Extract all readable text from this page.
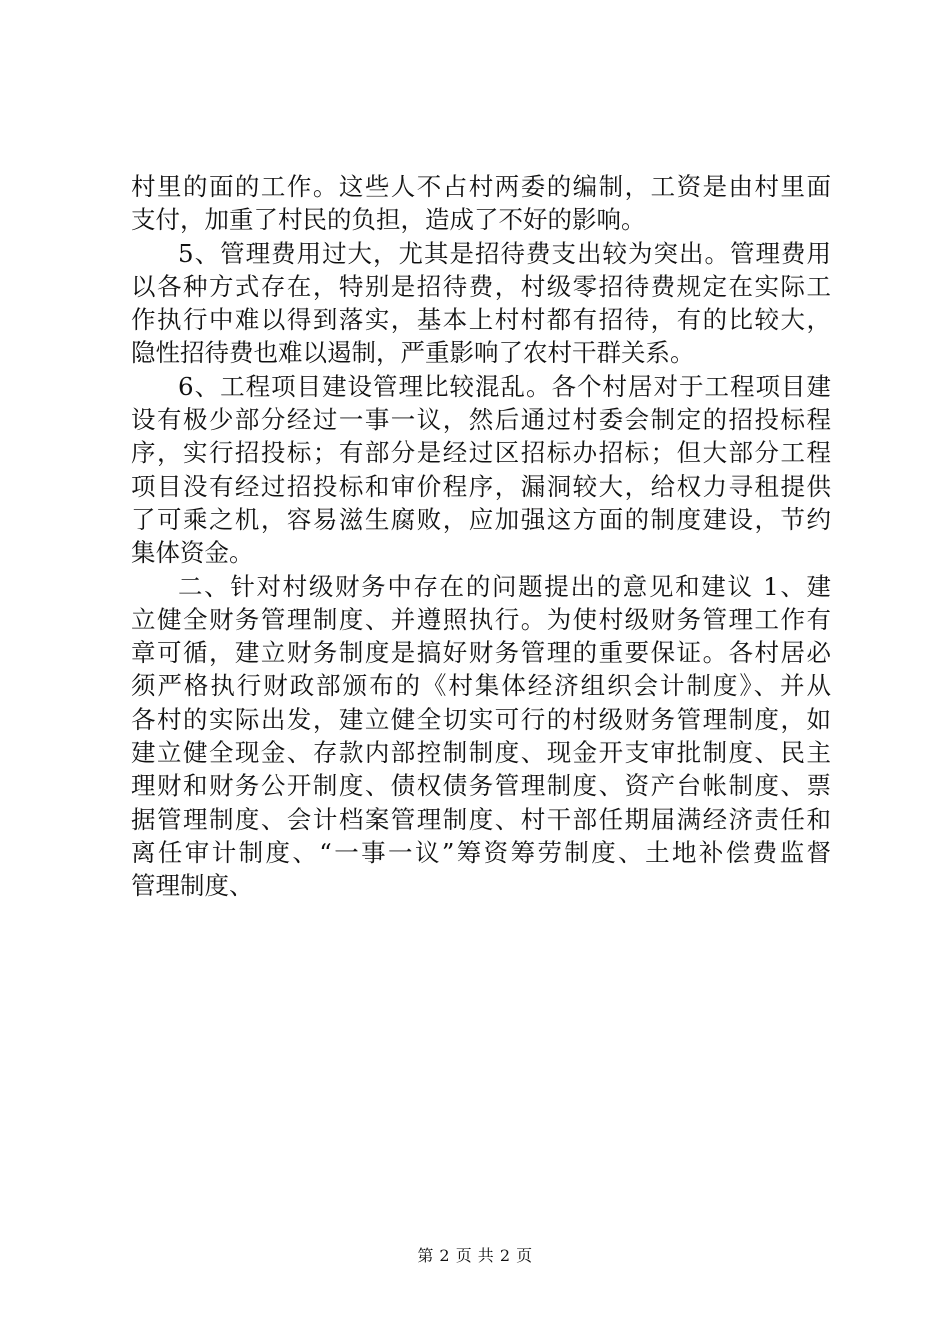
村里的面的工作。这些人不占村两委的编制，工资是由村里面
支付，加重了村民的负担，造成了不好的影响。
5、管理费用过大，尤其是招待费支出较为突出。管理费用
以各种方式存在，特别是招待费，村级零招待费规定在实际工
作执行中难以得到落实，基本上村村都有招待，有的比较大，
隐性招待费也难以遏制，严重影响了农村干群关系。
6、工程项目建设管理比较混乱。各个村居对于工程项目建
设有极少部分经过一事一议，然后通过村委会制定的招投标程
序，实行招投标；有部分是经过区招标办招标；但大部分工程
项目没有经过招投标和审价程序，漏洞较大，给权力寻租提供
了可乘之机，容易滋生腐败，应加强这方面的制度建设，节约
集体资金。
二、针对村级财务中存在的问题提出的意见和建议 1、建
立健全财务管理制度、并遵照执行。为使村级财务管理工作有
章可循，建立财务制度是搞好财务管理的重要保证。各村居必
须严格执行财政部颁布的《村集体经济组织会计制度》、并从
各村的实际出发，建立健全切实可行的村级财务管理制度，如
建立健全现金、存款内部控制制度、现金开支审批制度、民主
理财和财务公开制度、债权债务管理制度、资产台帐制度、票
据管理制度、会计档案管理制度、村干部任期届满经济责任和
离任审计制度、“一事一议”筹资筹劳制度、土地补偿费监督
管理制度、
第 2 页 共 2 页
